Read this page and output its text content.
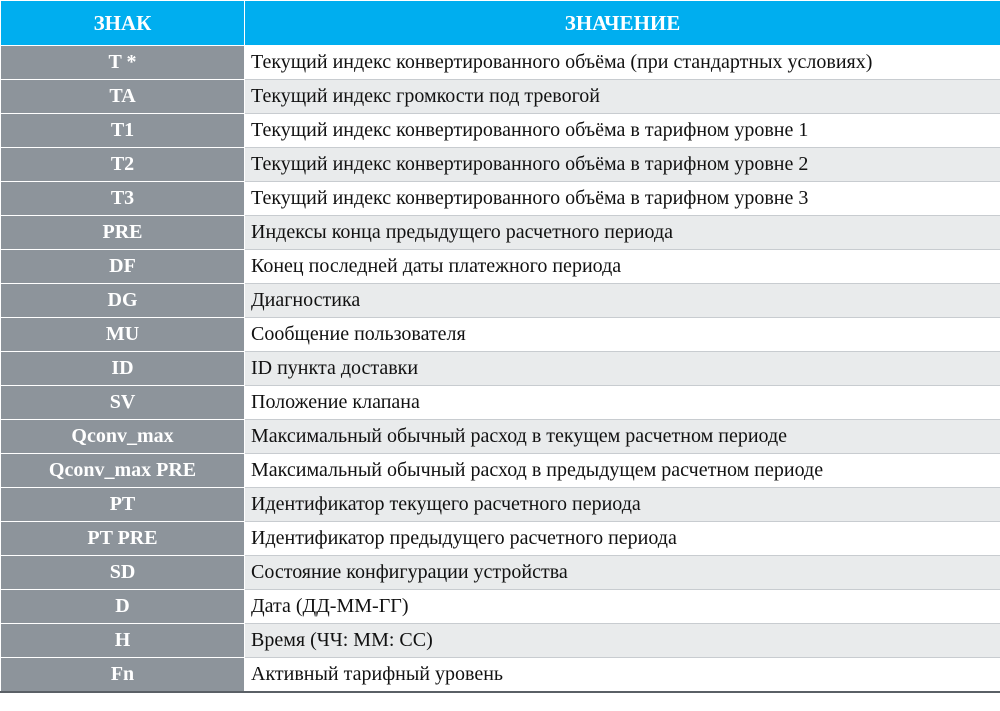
ЗНАК	ЗНАЧЕНИЕ
T *	Текущий индекс конвертированного объёма (при стандартных условиях)
TA	Текущий индекс громкости под тревогой
T1	Текущий индекс конвертированного объёма в тарифном уровне 1
T2	Текущий индекс конвертированного объёма в тарифном уровне 2
T3	Текущий индекс конвертированного объёма в тарифном уровне 3
PRE	Индексы конца предыдущего расчетного периода
DF	Конец последней даты платежного периода
DG	Диагностика
MU	Сообщение пользователя
ID	ID пункта доставки
SV	Положение клапана
Qconv_max	Максимальный обычный расход в текущем расчетном периоде
Qconv_max PRE	Максимальный обычный расход в предыдущем расчетном периоде
PT	Идентификатор текущего расчетного периода
PT PRE	Идентификатор предыдущего расчетного периода
SD	Состояние конфигурации устройства
D	Дата (ДД-ММ-ГГ)
H	Время (ЧЧ: ММ: СС)
Fn	Активный тарифный уровень
